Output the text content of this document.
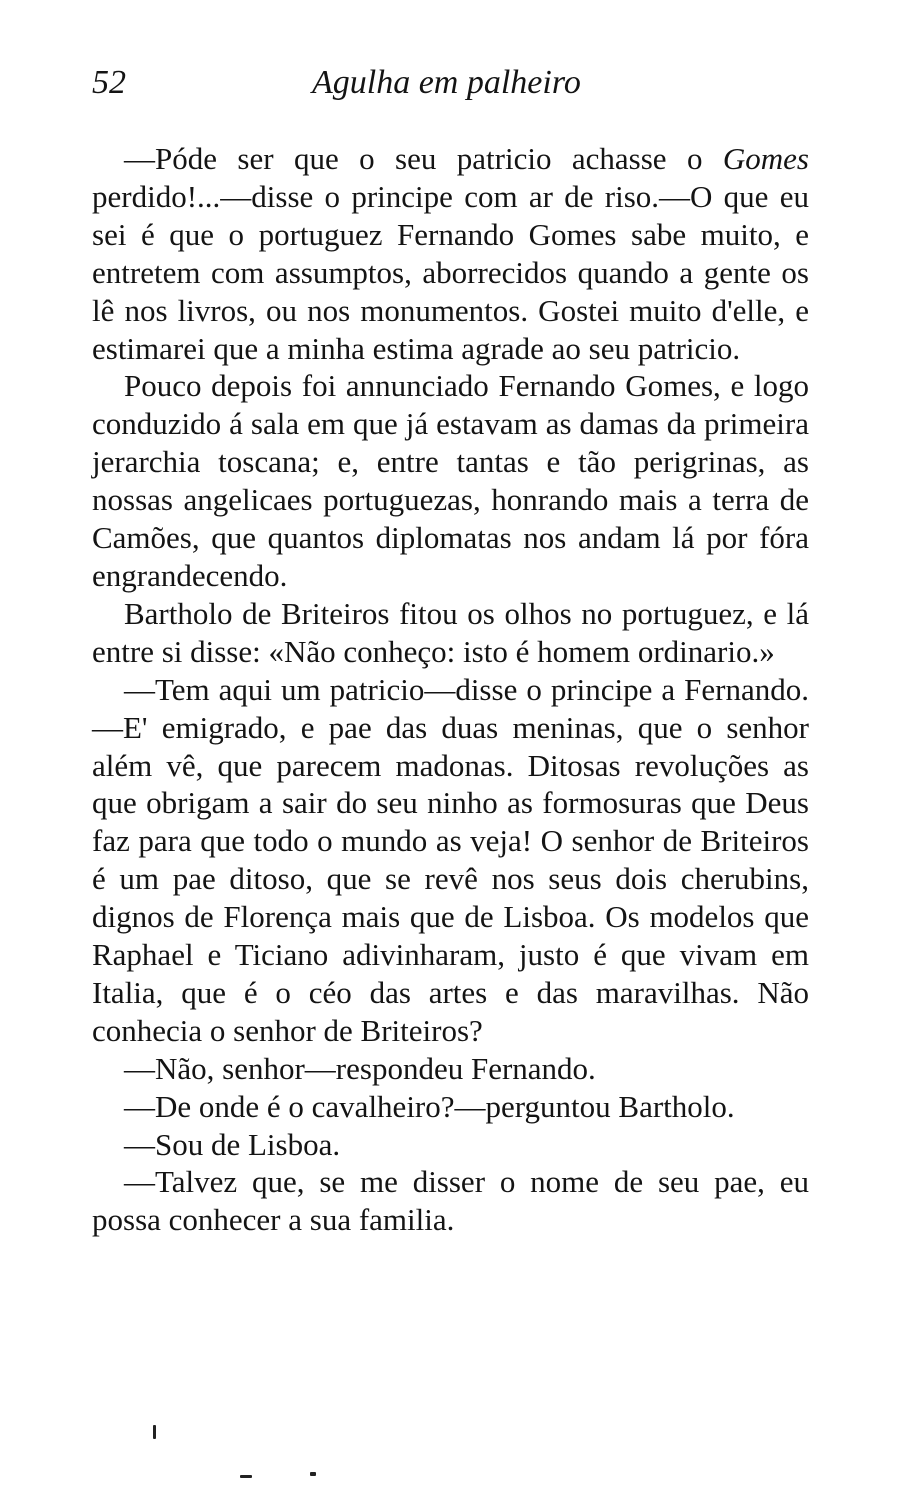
52	Agulha em palheiro

—Póde ser que o seu patricio achasse o Gomes perdido!...—disse o principe com ar de riso.—O que eu sei é que o portuguez Fernando Gomes sabe muito, e entretem com assumptos, aborrecidos quando a gente os lê nos livros, ou nos monumentos. Gostei muito d'elle, e estimarei que a minha estima agrade ao seu patricio.

Pouco depois foi annunciado Fernando Gomes, e logo conduzido á sala em que já estavam as damas da primeira jerarchia toscana; e, entre tantas e tão perigrinas, as nossas angelicaes portuguezas, honrando mais a terra de Camões, que quantos diplomatas nos andam lá por fóra engrandecendo.

Bartholo de Briteiros fitou os olhos no portuguez, e lá entre si disse: «Não conheço: isto é homem ordinario.»

—Tem aqui um patricio—disse o principe a Fernando.—E' emigrado, e pae das duas meninas, que o senhor além vê, que parecem madonas. Ditosas revoluções as que obrigam a sair do seu ninho as formosuras que Deus faz para que todo o mundo as veja! O senhor de Briteiros é um pae ditoso, que se revê nos seus dois cherubins, dignos de Florença mais que de Lisboa. Os modelos que Raphael e Ticiano adivinharam, justo é que vivam em Italia, que é o céo das artes e das maravilhas. Não conhecia o senhor de Briteiros?

—Não, senhor—respondeu Fernando.

—De onde é o cavalheiro?—perguntou Bartholo.

—Sou de Lisboa.

—Talvez que, se me disser o nome de seu pae, eu possa conhecer a sua familia.
